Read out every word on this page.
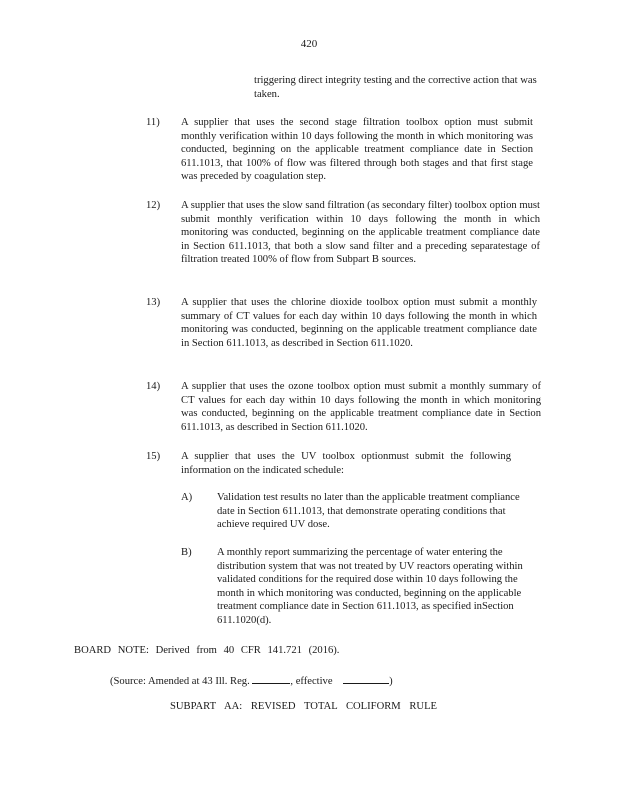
420
triggering direct integrity testing and the corrective action that was taken.
11) A supplier that uses the second stage filtration toolbox option must submit monthly verification within 10 days following the month in which monitoring was conducted, beginning on the applicable treatment compliance date in Section 611.1013, that 100% of flow was filtered through both stages and that first stage was preceded by coagulation step.
12) A supplier that uses the slow sand filtration (as secondary filter) toolbox option must submit monthly verification within 10 days following the month in which monitoring was conducted, beginning on the applicable treatment compliance date in Section 611.1013, that both a slow sand filter and a preceding separatestage of filtration treated 100% of flow from Subpart B sources.
13) A supplier that uses the chlorine dioxide toolbox option must submit a monthly summary of CT values for each day within 10 days following the month in which monitoring was conducted, beginning on the applicable treatment compliance date in Section 611.1013, as described in Section 611.1020.
14) A supplier that uses the ozone toolbox option must submit a monthly summary of CT values for each day within 10 days following the month in which monitoring was conducted, beginning on the applicable treatment compliance date in Section 611.1013, as described in Section 611.1020.
15) A supplier that uses the UV toolbox optionmust submit the following information on the indicated schedule:
A) Validation test results no later than the applicable treatment compliance date in Section 611.1013, that demonstrate operating conditions that achieve required UV dose.
B) A monthly report summarizing the percentage of water entering the distribution system that was not treated by UV reactors operating within validated conditions for the required dose within 10 days following the month in which monitoring was conducted, beginning on the applicable treatment compliance date in Section 611.1013, as specified inSection 611.1020(d).
BOARD NOTE: Derived from 40 CFR 141.721 (2016).
(Source: Amended at 43 Ill. Reg.	, effective	)
SUBPART AA: REVISED TOTAL COLIFORM RULE
